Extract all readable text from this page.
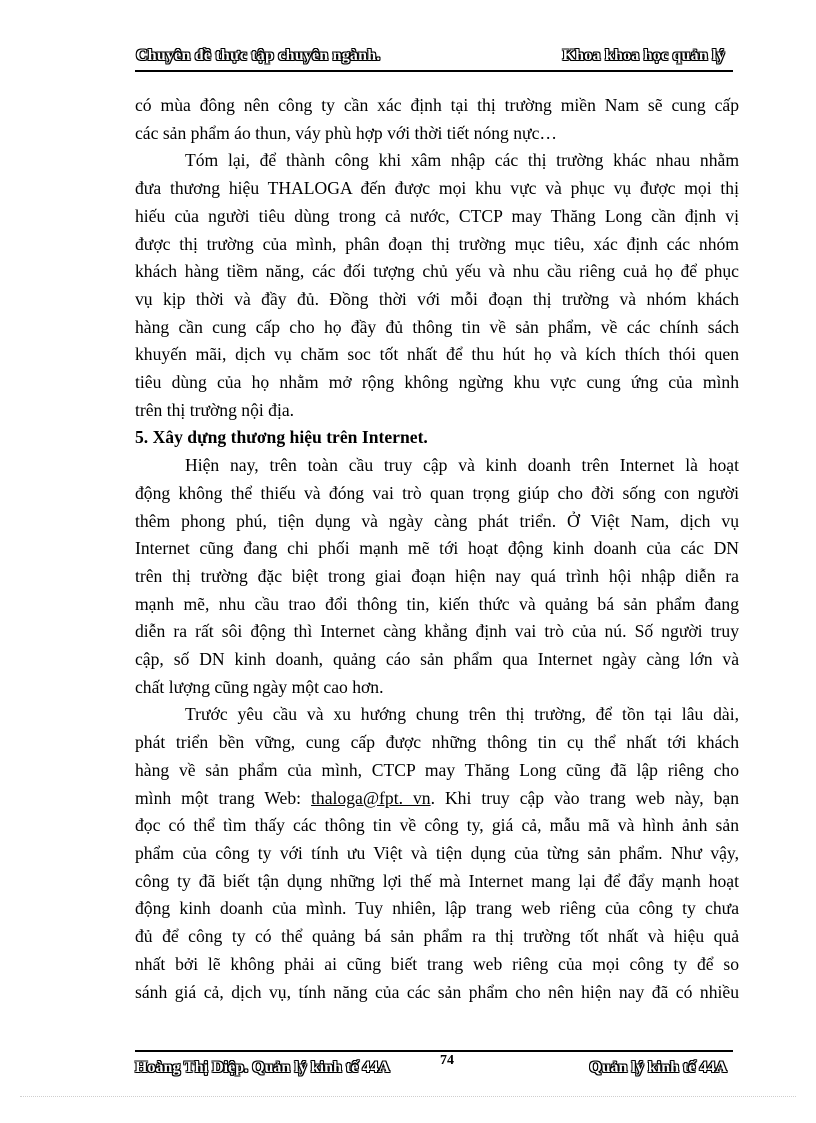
Chuyên đề thực tập chuyên ngành.	Khoa khoa học quản lý

có mùa đông nên công ty cần xác định tại thị trường miền Nam sẽ cung cấp

các sản phẩm áo thun, váy phù hợp với thời tiết nóng nực…

Tóm lại, để thành công khi xâm nhập các thị trường khác nhau nhằm

đưa thương hiệu THALOGA đến được mọi khu vực và phục vụ được mọi thị

hiếu của người tiêu dùng trong cả nước, CTCP may Thăng Long cần định vị

được thị trường của mình, phân đoạn thị trường mục tiêu, xác định các nhóm

khách hàng tiềm năng, các đối tượng chủ yếu và nhu cầu riêng cuả họ để phục

vụ kịp thời và đầy đủ. Đồng thời với mỗi đoạn thị trường và nhóm khách

hàng cần cung cấp cho họ đầy đủ thông tin về sản phẩm, về các chính sách

khuyến mãi, dịch vụ chăm soc tốt nhất để thu hút họ và kích thích thói quen

tiêu dùng của họ nhằm mở rộng không ngừng khu vực cung ứng của mình

trên thị trường nội địa.

5. Xây dựng thương hiệu trên Internet.

Hiện nay, trên toàn cầu truy cập và kinh doanh trên Internet là hoạt

động không thể thiếu và đóng vai trò quan trọng giúp cho đời sống con người

thêm phong phú, tiện dụng và ngày càng phát triển. Ở Việt Nam, dịch vụ

Internet cũng đang chi phối mạnh mẽ tới hoạt động kinh doanh của các DN

trên thị trường đặc biệt trong giai đoạn hiện nay quá trình hội nhập diễn ra

mạnh mẽ, nhu cầu trao đổi thông tin, kiến thức và quảng bá sản phẩm đang

diễn ra rất sôi động thì Internet càng khẳng định vai trò của nú. Số người truy

cập, số DN kinh doanh, quảng cáo sản phẩm qua Internet ngày càng lớn và

chất lượng cũng ngày một cao hơn.

Trước yêu cầu và xu hướng chung trên thị trường, để tồn tại lâu dài,

phát triển bền vững, cung cấp được những thông tin cụ thể nhất tới khách

hàng về sản phẩm của mình, CTCP may Thăng Long cũng đã lập riêng cho

mình một trang Web: thaloga@fpt. vn. Khi truy cập vào trang web này, bạn

đọc có thể tìm thấy các thông tin về công ty, giá cả, mẫu mã và hình ảnh sản

phẩm của công ty với tính ưu Việt và tiện dụng của từng sản phẩm. Như vậy,

công ty đã biết tận dụng những lợi thế mà Internet mang lại để đẩy mạnh hoạt

động kinh doanh của mình. Tuy nhiên, lập trang web riêng của công ty chưa

đủ để công ty có thể quảng bá sản phẩm ra thị trường tốt nhất và hiệu quả

nhất bởi lẽ không phải ai cũng biết trang web riêng của mọi công ty để so

sánh giá cả, dịch vụ, tính năng của các sản phẩm cho nên hiện nay đã có nhiều

Hoàng Thị Diệp. Quản lý kinh tế 44A	74	Quản lý kinh tế 44A
